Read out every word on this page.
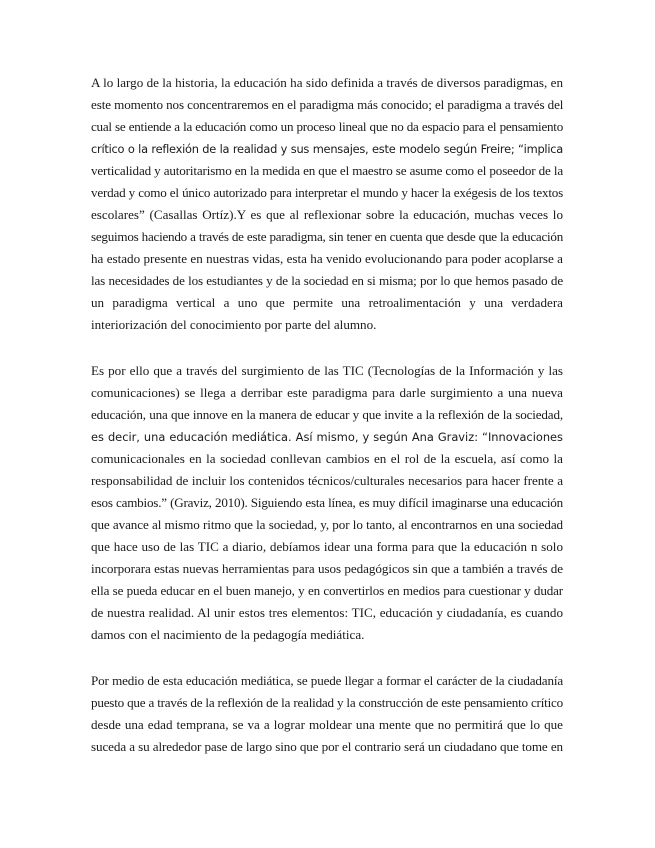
A lo largo de la historia, la educación ha sido definida a través de diversos paradigmas, en

este momento nos concentraremos en el paradigma más conocido; el paradigma a través del

cual se entiende a la educación como un proceso lineal que no da espacio para el pensamiento

crítico o la reflexión de la realidad y sus mensajes, este modelo según Freire; “implica

verticalidad y autoritarismo en la medida en que el maestro se asume como el poseedor de la

verdad y como el único autorizado para interpretar el mundo y hacer la exégesis de los textos

escolares” (Casallas Ortíz).Y es que al reflexionar sobre la educación, muchas veces lo

seguimos haciendo a través de este paradigma, sin tener en cuenta que desde que la educación

ha estado presente en nuestras vidas, esta ha venido evolucionando para poder acoplarse a

las necesidades de los estudiantes y de la sociedad en si misma; por lo que hemos pasado de

un paradigma vertical a uno que permite una retroalimentación y una verdadera

interiorización del conocimiento por parte del alumno.

Es por ello que a través del surgimiento de las TIC (Tecnologías de la Información y las

comunicaciones) se llega a derribar este paradigma para darle surgimiento a una nueva

educación, una que innove en la manera de educar y que invite a la reflexión de la sociedad,

es decir, una educación mediática. Así mismo, y según Ana Graviz: “Innovaciones

comunicacionales en la sociedad conllevan cambios en el rol de la escuela, así como la

responsabilidad de incluir los contenidos técnicos/culturales necesarios para hacer frente a

esos cambios.” (Graviz, 2010). Siguiendo esta línea, es muy difícil imaginarse una educación

que avance al mismo ritmo que la sociedad, y, por lo tanto, al encontrarnos en una sociedad

que hace uso de las TIC a diario, debíamos idear una forma para que la educación n solo

incorporara estas nuevas herramientas para usos pedagógicos sin que a también a través de

ella se pueda educar en el buen manejo, y en convertirlos en medios para cuestionar y dudar

de nuestra realidad. Al unir estos tres elementos: TIC, educación y ciudadanía, es cuando

damos con el nacimiento de la pedagogía mediática.

Por medio de esta educación mediática, se puede llegar a formar el carácter de la ciudadanía

puesto que a través de la reflexión de la realidad y la construcción de este pensamiento crítico

desde una edad temprana, se va a lograr moldear una mente que no permitirá que lo que

suceda a su alrededor pase de largo sino que por el contrario será un ciudadano que tome en
